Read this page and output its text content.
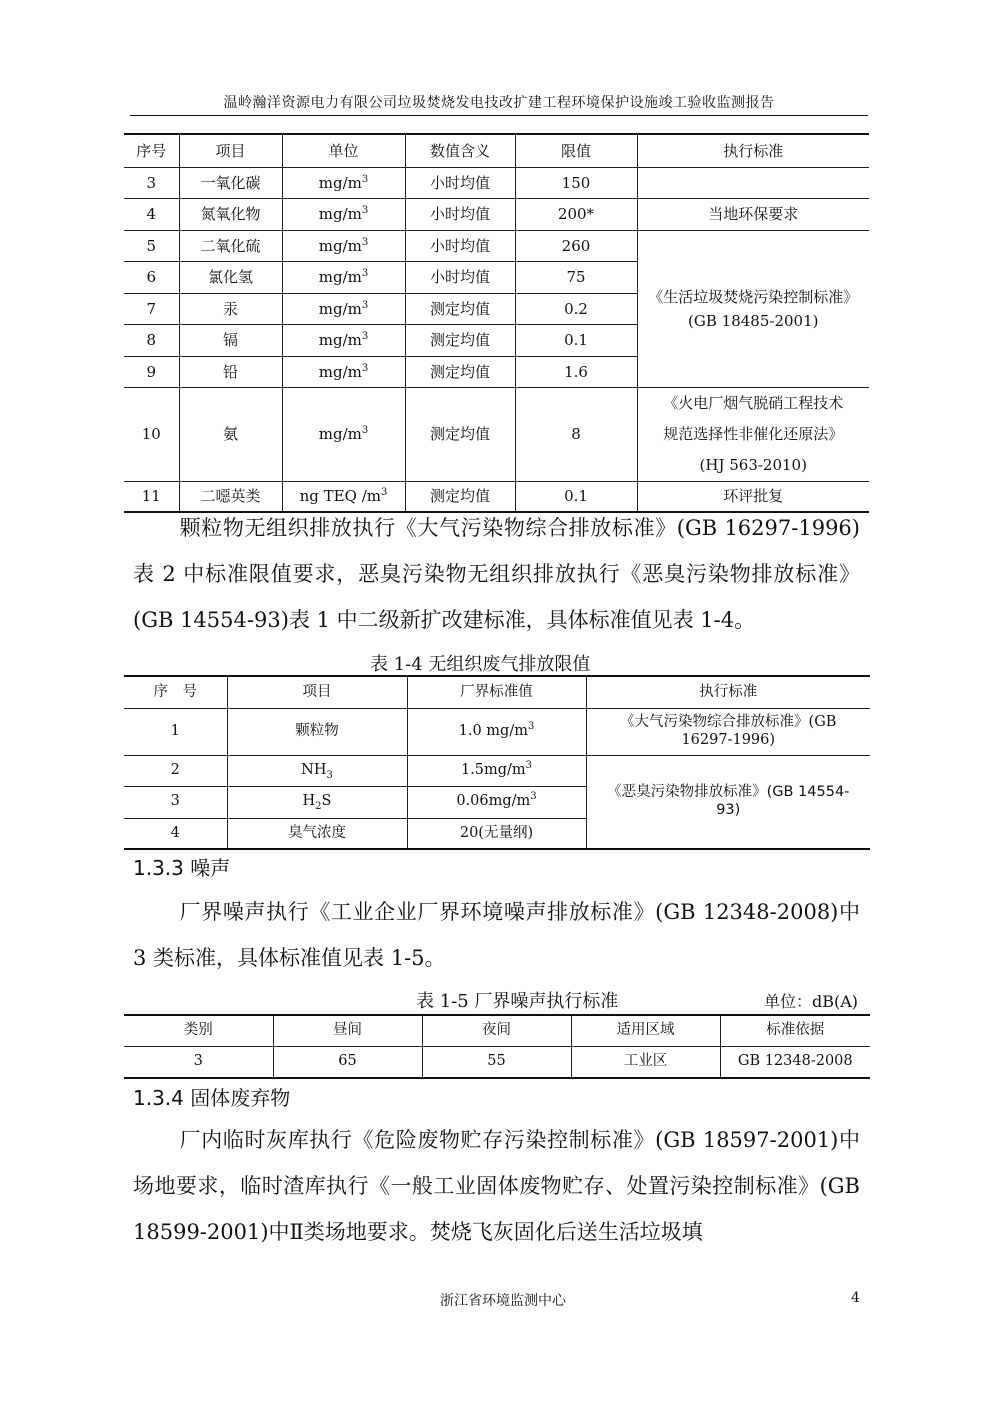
温岭瀚洋资源电力有限公司垃圾焚烧发电技改扩建工程环境保护设施竣工验收监测报告
序号	项目	单位	数值含义	限值	执行标准
3	一氧化碳	$mg/m^3$	小时均值	150	
4	氮氧化物	$mg/m^3$	小时均值	200*	当地环保要求
5	二氧化硫	$mg/m^3$	小时均值	260	《生活垃圾焚烧污染控制标准》(GB 18485-2001)
6	氯化氢	$mg/m^3$	小时均值	75	
7	汞	$mg/m^3$	测定均值	0.2	
8	镉	$mg/m^3$	测定均值	0.1	
9	铅	$mg/m^3$	测定均值	1.6	
10	氨	$mg/m^3$	测定均值	8	《火电厂烟气脱硝工程技术
规范选择性非催化还原法》
(HJ 563-2010)

11	二噁英类	ng TEQ $/m^3$	测定均值	0.1	环评批复
颗粒物无组织排放执行《大气污染物综合排放标准》(GB 16297-1996)表 2 中标准限值要求，恶臭污染物无组织排放执行《恶臭污染物排放标准》(GB 14554-93)表 1 中二级新扩改建标准，具体标准值见表 1-4。
表 1-4 无组织废气排放限值
序　号	项目	厂界标准值	执行标准
1	颗粒物	1.0 $mg/m^3$	《大气污染物综合排放标准》(GB 16297-1996)
2	$NH_3$	$1.5mg/m^3$	《恶臭污染物排放标准》(GB 14554-93)
3	$H_2S$	$0.06mg/m^3$
4	臭气浓度	20(无量纲)	
1.3.3 噪声
厂界噪声执行《工业企业厂界环境噪声排放标准》(GB 12348-2008)中 3 类标准，具体标准值见表 1-5。
表 1-5 厂界噪声执行标准	单位：dB(A)
类别	昼间	夜间	适用区域	标准依据
3	65	55	工业区	GB 12348-2008
1.3.4 固体废弃物
厂内临时灰库执行《危险废物贮存污染控制标准》(GB 18597-2001)中场地要求，临时渣库执行《一般工业固体废物贮存、处置污染控制标准》(GB 18599-2001)中Ⅱ类场地要求。焚烧飞灰固化后送生活垃圾填
浙江省环境监测中心	4
